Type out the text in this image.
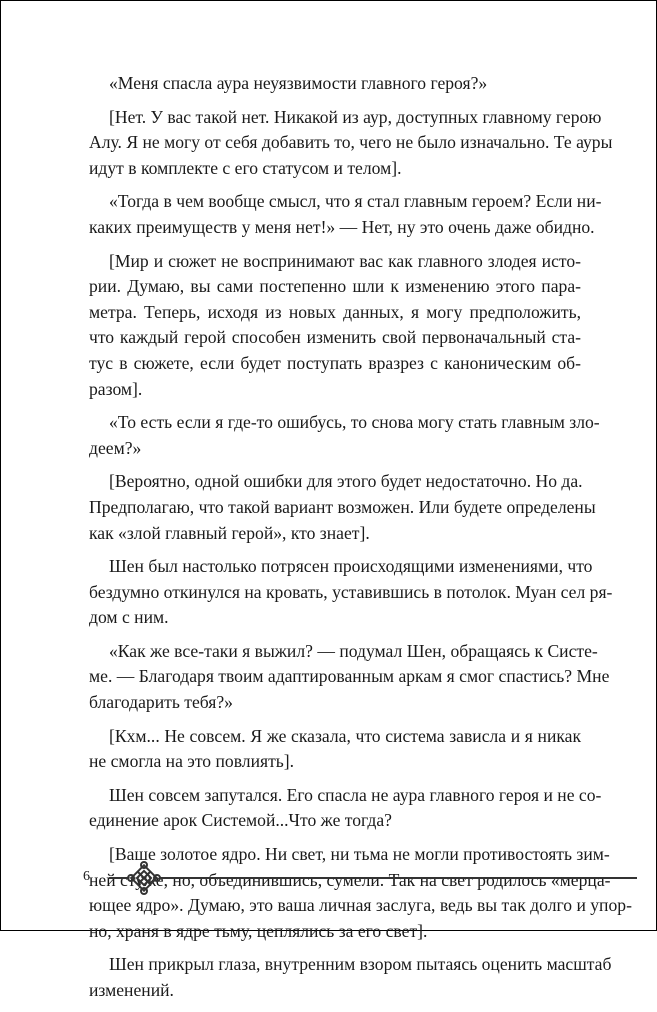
«Меня спасла аура неуязвимости главного героя?»
[Нет. У вас такой нет. Никакой из аур, доступных главному герою
Алу. Я не могу от себя добавить то, чего не было изначально. Те ауры
идут в комплекте с его статусом и телом].
«Тогда в чем вообще смысл, что я стал главным героем? Если ни-
каких преимуществ у меня нет!» — Нет, ну это очень даже обидно.
[Мир и сюжет не воспринимают вас как главного злодея исто-
рии. Думаю, вы сами постепенно шли к изменению этого пара-
метра. Теперь, исходя из новых данных, я могу предположить,
что каждый герой способен изменить свой первоначальный ста-
тус в сюжете, если будет поступать вразрез с каноническим об-
разом].
«То есть если я где-то ошибусь, то снова могу стать главным зло-
деем?»
[Вероятно, одной ошибки для этого будет недостаточно. Но да.
Предполагаю, что такой вариант возможен. Или будете определены
как «злой главный герой», кто знает].
Шен был настолько потрясен происходящими изменениями, что
бездумно откинулся на кровать, уставившись в потолок. Муан сел ря-
дом с ним.
«Как же все-таки я выжил? — подумал Шен, обращаясь к Систе-
ме. — Благодаря твоим адаптированным аркам я смог спастись? Мне
благодарить тебя?»
[Кхм... Не совсем. Я же сказала, что система зависла и я никак
не смогла на это повлиять].
Шен совсем запутался. Его спасла не аура главного героя и не со-
единение арок Системой...Что же тогда?
[Ваше золотое ядро. Ни свет, ни тьма не могли противостоять зим-
ней стуже, но, объединившись, сумели. Так на свет родилось «мерца-
ющее ядро». Думаю, это ваша личная заслуга, ведь вы так долго и упор-
но, храня в ядре тьму, цеплялись за его свет].
Шен прикрыл глаза, внутренним взором пытаясь оценить масштаб
изменений.
6
